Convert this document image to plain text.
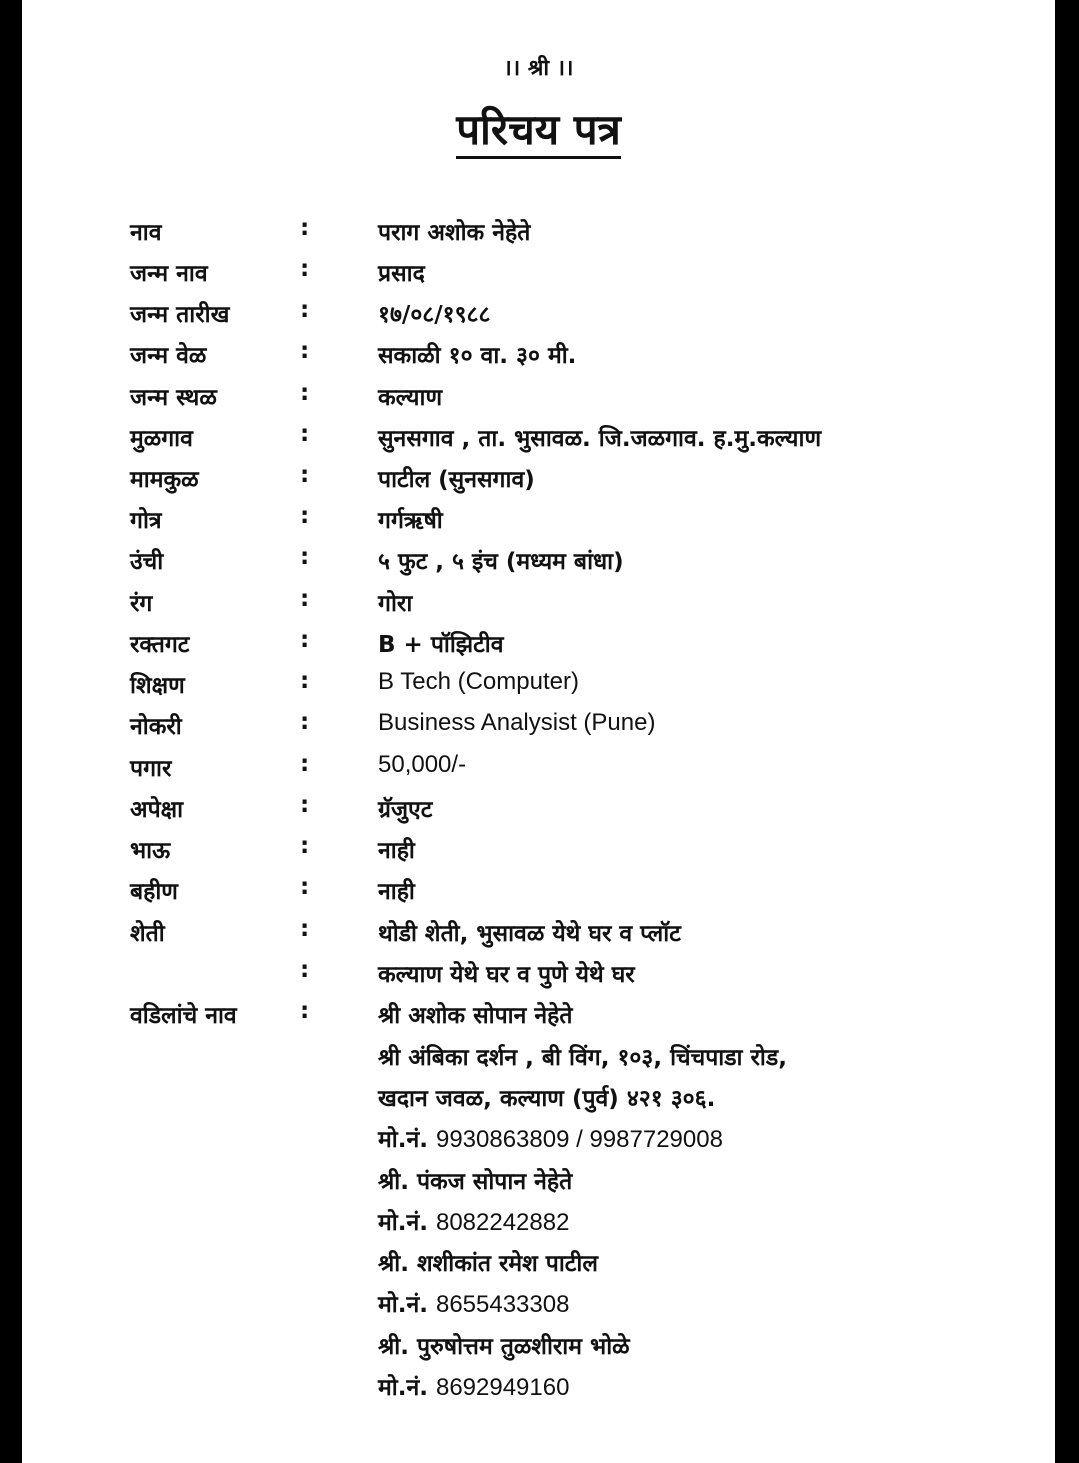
।। श्री ।।
परिचय पत्र
नाव	:	पराग अशोक नेहेते
जन्म नाव	:	प्रसाद
जन्म तारीख	:	१७/०८/१९८८
जन्म वेळ	:	सकाळी १० वा. ३० मी.
जन्म स्थळ	:	कल्याण
मुळगाव	:	सुनसगाव , ता. भुसावळ. जि.जळगाव. ह.मु.कल्याण
मामकुळ	:	पाटील (सुनसगाव)
गोत्र	:	गर्गऋषी
उंची	:	५ फुट , ५ इंच (मध्यम बांधा)
रंग	:	गोरा
रक्तगट	:	B + पॉझिटीव
शिक्षण	:	B Tech (Computer)
नोकरी	:	Business Analysist (Pune)
पगार	:	50,000/-
अपेक्षा	:	ग्रॅजुएट
भाऊ	:	नाही
बहीण	:	नाही
शेती	:	थोडी शेती, भुसावळ येथे घर व प्लॉट
:	कल्याण येथे घर व पुणे येथे घर
वडिलांचे नाव	:	श्री अशोक सोपान नेहेते
श्री अंबिका दर्शन , बी विंग, १०३, चिंचपाडा रोड,
खदान जवळ, कल्याण (पुर्व) ४२१ ३०६.
मो.नं. 9930863809 / 9987729008
श्री. पंकज सोपान नेहेते
मो.नं. 8082242882
श्री. शशीकांत रमेश पाटील
मो.नं. 8655433308
श्री. पुरुषोत्तम तुळशीराम भोळे
मो.नं. 8692949160
